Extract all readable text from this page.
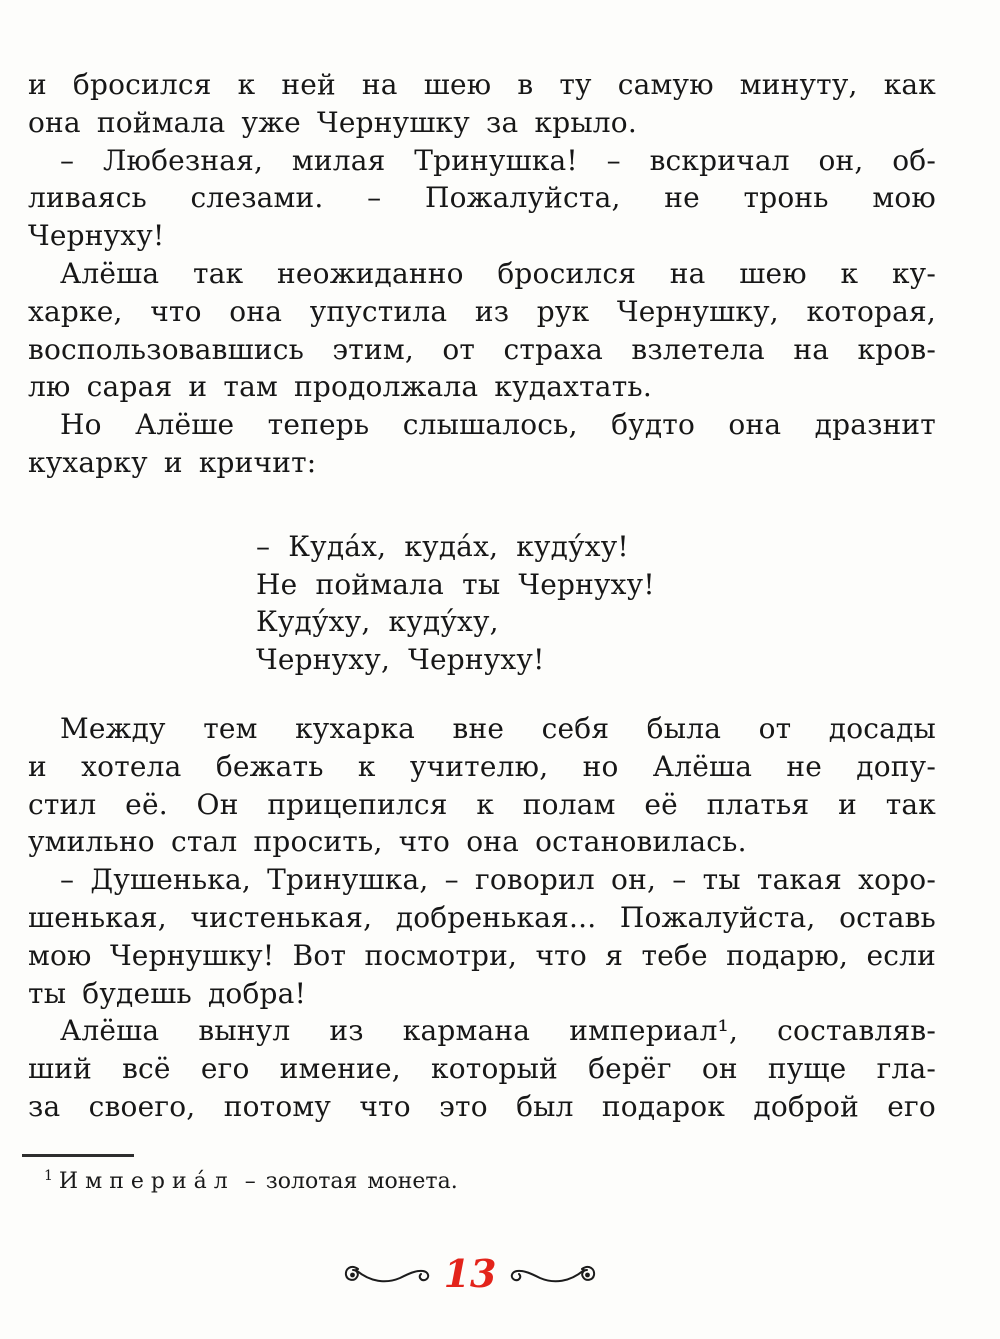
и бросился к ней на шею в ту самую минуту, как
она поймала уже Чернушку за крыло.
– Любезная, милая Тринушка! – вскричал он, об-
ливаясь слезами. – Пожалуйста, не тронь мою
Чернуху!
Алёша так неожиданно бросился на шею к ку-
харке, что она упустила из рук Чернушку, которая,
воспользовавшись этим, от страха взлетела на кров-
лю сарая и там продолжала кудахтать.
Но Алёше теперь слышалось, будто она дразнит
кухарку и кричит:
– Куда́х, куда́х, куду́ху!
Не поймала ты Чернуху!
Куду́ху, куду́ху,
Чернуху, Чернуху!
Между тем кухарка вне себя была от досады
и хотела бежать к учителю, но Алёша не допу-
стил её. Он прицепился к полам её платья и так
умильно стал просить, что она остановилась.
– Душенька, Тринушка, – говорил он, – ты такая хоро-
шенькая, чистенькая, добренькая... Пожалуйста, оставь
мою Чернушку! Вот посмотри, что я тебе подарю, если
ты будешь добра!
Алёша вынул из кармана империал¹, составляв-
ший всё его имение, который берёг он пуще гла-
за своего, потому что это был подарок доброй его

$^1$ Империа́л – золотая монета.

13
